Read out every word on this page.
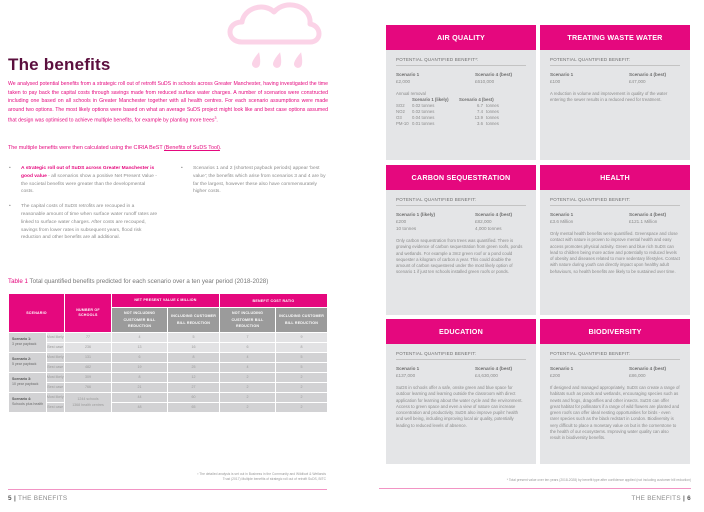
The benefits

We analysed potential benefits from a strategic roll out of retrofit SuDS in schools across Greater Manchester, having investigated the time taken to pay back the capital costs through savings made from reduced surface water charges. A number of scenarios were constructed including one based on all schools in Greater Manchester together with all health centres. For each scenario assumptions were made around two options. The most likely options were based on what an average SuDS project might look like and best case options assumed that design was optimised to achieve multiple benefits, for example by planting more trees$^3$.

The multiple benefits were then calculated using the CIRIA BeST (Benefits of SuDS Tool).

• A strategic roll out of SuDS across Greater Manchester is good value - all scenarios show a positive Net Present Value - the societal benefits were greater than the developmental costs.
• The capital costs of SuDS retrofits are recouped in a reasonable amount of time when surface water runoff rates are linked to surface water charges. After costs are recouped, savings from lower rates in subsequent years, flood risk reduction and other benefits are all additional.
• Scenarios 1 and 2 (shortest payback periods) appear 'best value'; the benefits which arise from scenarios 3 and 4 are by far the largest, however these also have commensurately higher costs.

Table 1 Total quantified benefits predicted for each scenario over a ten year period (2018-2028)

SCENARIO		NUMBER OF SCHOOLS	NET PRESENT VALUE £ MILLION		BENEFIT COST RATIO	
			NOT INCLUDING CUSTOMER BILL REDUCTION	INCLUDING CUSTOMER BILL REDUCTION	NOT INCLUDING CUSTOMER BILL REDUCTION	INCLUDING CUSTOMER BILL REDUCTION
Scenario 1:
3 year payback	Most likely	77	4	5	7	9
	Best case	236	13	16	6	8
Scenario 2:
5 year payback	Most likely	131	6	8	4	5
	Best case	482	19	25	4	5
Scenario 3:
10 year payback	Most likely	309	8	12	2	2
	Best case	766	21	27	2	2
Scenario 4:
Schools plus health	Most likely	1244 schools
1368 health centres	44	60	2	2
	Best case		48	65	2	2
³ The detailed analysis is set out in Business in the Community and Wildfowl & Wetlands
Trust (2017) Multiple benefits of strategic roll out of retrofit SuDS, BITC
5 | THE BENEFITS
AIR QUALITY
POTENTIAL QUANTIFIED BENEFIT*:
Scenario 1
£2,000
Scenario 4 (best)
£610,000
Annual removal			
	Scenario 1 (likely)	Scenario 4 (best)	
SO2	0.02 tonnes	6.7	tonnes
NO2	0.02 tonnes	7.4	tonnes
O3	0.04 tonnes	13.9	tonnes
PM-10	0.01 tonnes	3.6	tonnes
TREATING WASTE WATER
POTENTIAL QUANTIFIED BENEFIT:
Scenario 1
£100
Scenario 4 (best)
£47,000
A reduction in volume and improvement in quality of the water entering the sewer results in a reduced need for treatment.
CARBON SEQUESTRATION
POTENTIAL QUANTIFIED BENEFIT:
Scenario 1 (likely)
£200
10 tonnes
Scenario 4 (best)
£82,000
4,000 tonnes
Only carbon sequestration from trees was quantified. There is growing evidence of carbon sequestration from green roofs, ponds and wetlands. For example a 3m2 green roof or a pond could sequester a kilogram of carbon a year. This could double the amount of carbon sequestered under the most likely option of scenario 1 if just ten schools installed green roofs or ponds.
HEALTH
POTENTIAL QUANTIFIED BENEFIT:
Scenario 1
£3.6 Million
Scenario 4 (best)
£121.1 Million
Only mental health benefits were quantified. Greenspace and close contact with nature is proven to improve mental health and easy access promotes physical activity. Green and blue rich SuDS can lead to children being more active and potentially to reduced levels of obesity and diseases related to more sedentary lifestyles. Contact with nature during youth can directly impact upon healthy adult behaviours, so health benefits are likely to be sustained over time.
EDUCATION
POTENTIAL QUANTIFIED BENEFIT:
Scenario 1
£137,000
Scenario 4 (best)
£4,630,000
SuDS in schools offer a safe, onsite green and blue space for outdoor learning and learning outside the classroom with direct application for learning about the water cycle and the environment. Access to green space and even a view of nature can increase concentration and productivity. SuDS also improve pupils' health and well being, including improving local air quality, potentially leading to reduced levels of absence.
BIODIVERSITY
POTENTIAL QUANTIFIED BENEFIT:
Scenario 1
£200
Scenario 4 (best)
£86,000
If designed and managed appropriately, SuDS can create a range of habitats such as ponds and wetlands, encouraging species such as newts and frogs, dragonflies and other insects. SuDS can offer great habitat for pollinators if a range of wild flowers are planted and green roofs can offer ideal nesting opportunities for birds - even rarer species such as the black redstart in London. Biodiversity is very difficult to place a monetary value on but is the cornerstone to the health of our ecosystems. Improving water quality can also result in biodiversity benefits.
* Total present value over ten years (2018-2028) by benefit type after confidence applied (not including customer bill reduction)
THE BENEFITS | 6
